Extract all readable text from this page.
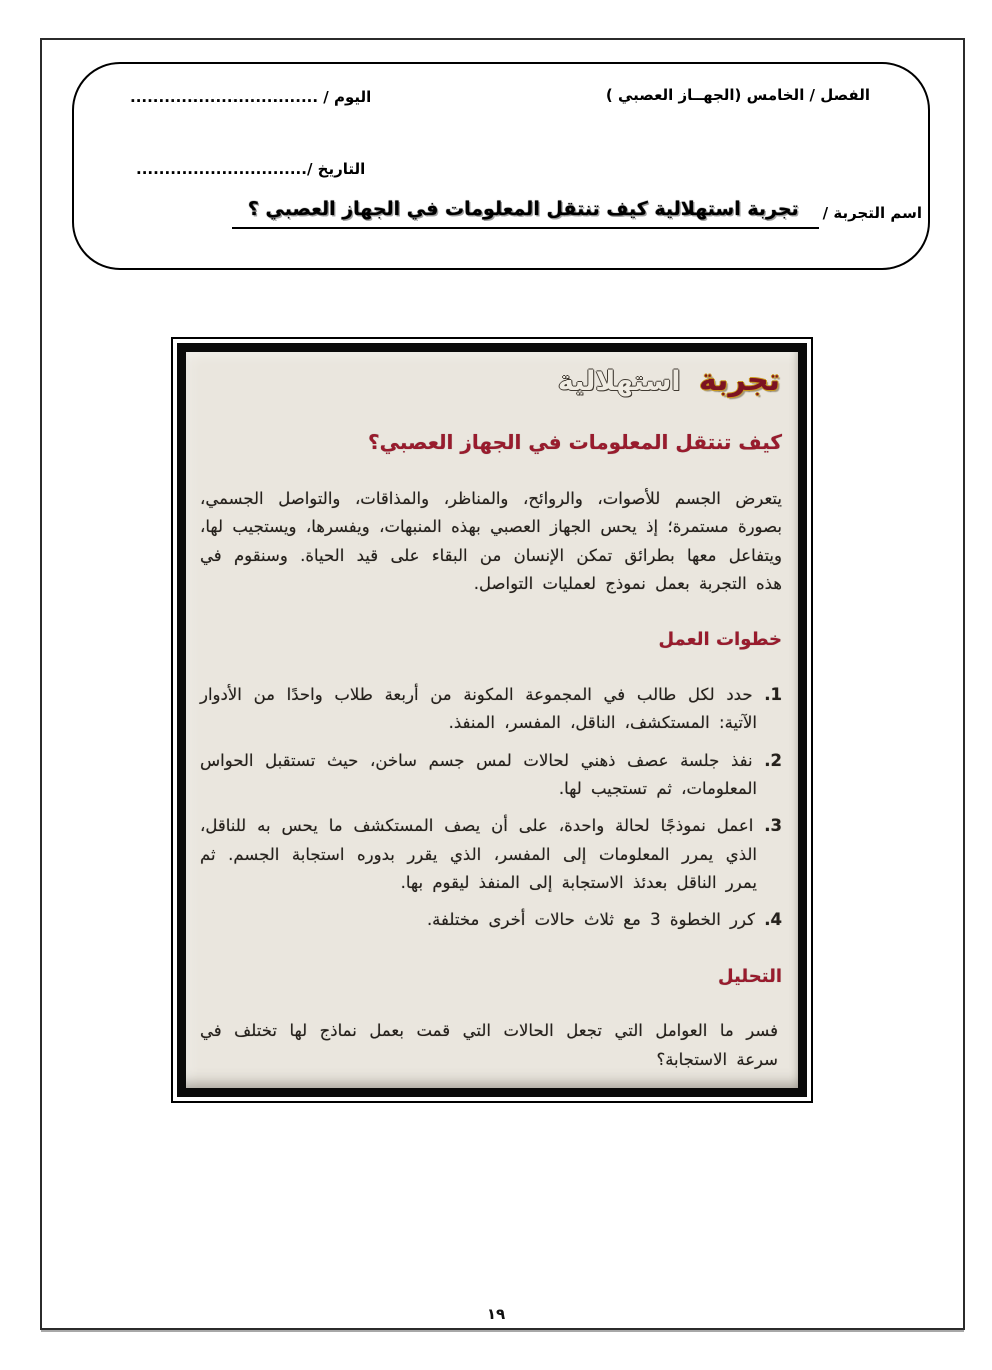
الفصل / الخامس (الجهــاز العصبي )
اليوم / .................................
التاريخ /..............................
اسم التجربة /
تجربة استهلالية كيف تنتقل المعلومات في الجهاز العصبي ؟
تجربة استهلالية
كيف تنتقل المعلومات في الجهاز العصبي؟

يتعرض الجسم للأصوات، والروائح، والمناظر، والمذاقات، والتواصل الجسمي، بصورة مستمرة؛ إذ يحس الجهاز العصبي بهذه المنبهات، ويفسرها، ويستجيب لها، ويتفاعل معها بطرائق تمكن الإنسان من البقاء على قيد الحياة. وسنقوم في هذه التجربة بعمل نموذج لعمليات التواصل.

خطوات العمل
1. حدد لكل طالب في المجموعة المكونة من أربعة طلاب واحدًا من الأدوار الآتية: المستكشف، الناقل، المفسر، المنفذ.
2. نفذ جلسة عصف ذهني لحالات لمس جسم ساخن، حيث تستقبل الحواس المعلومات، ثم تستجيب لها.
3. اعمل نموذجًا لحالة واحدة، على أن يصف المستكشف ما يحس به للناقل، الذي يمرر المعلومات إلى المفسر، الذي يقرر بدوره استجابة الجسم. ثم يمرر الناقل بعدئذ الاستجابة إلى المنفذ ليقوم بها.
4. كرر الخطوة 3 مع ثلاث حالات أخرى مختلفة.
التحليل

فسر ما العوامل التي تجعل الحالات التي قمت بعمل نماذج لها تختلف في سرعة الاستجابة؟

١٩
